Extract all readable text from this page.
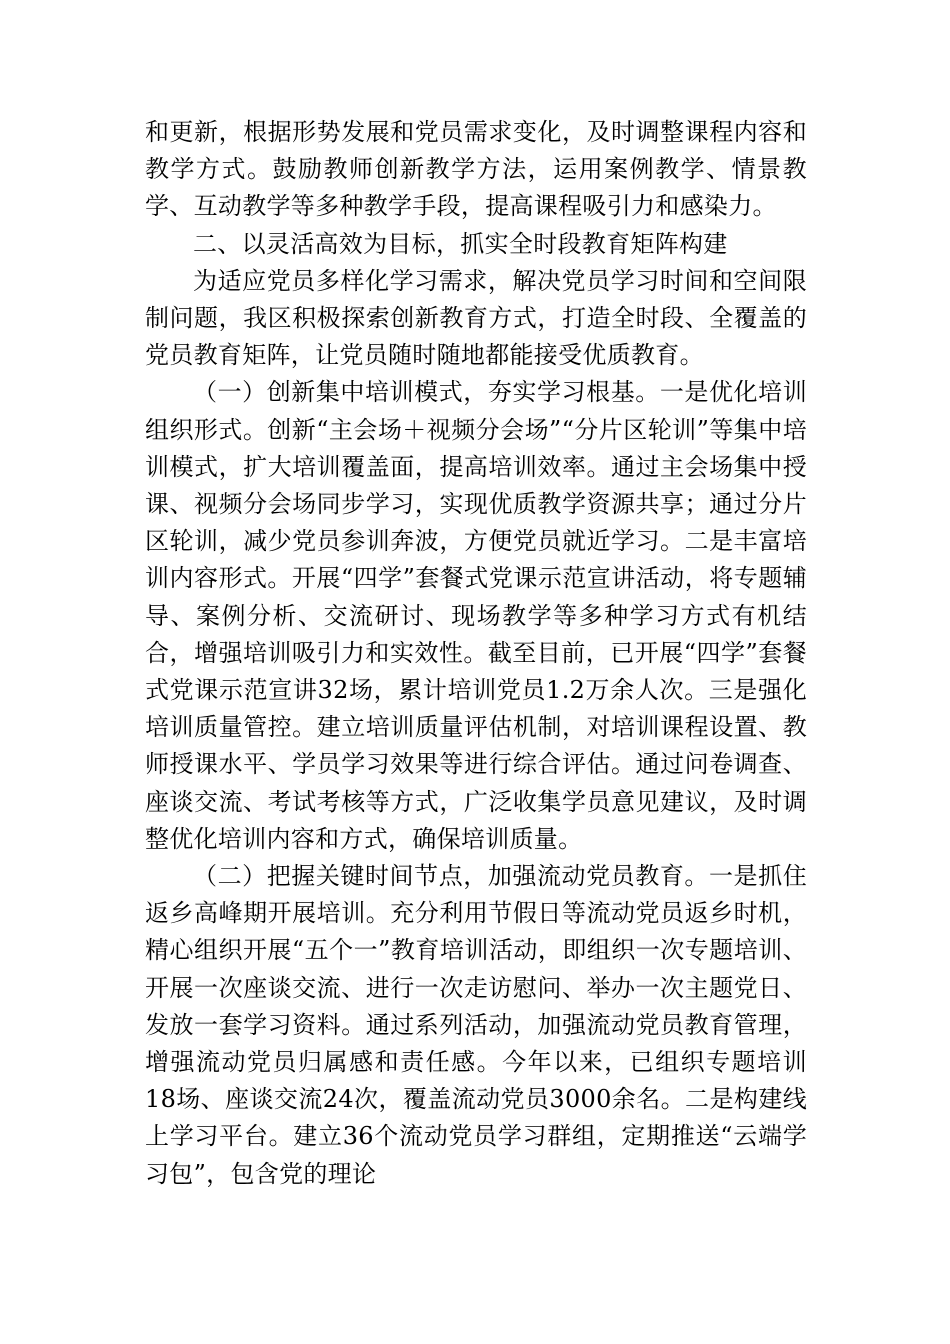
和更新，根据形势发展和党员需求变化，及时调整课程内容和教学方式。鼓励教师创新教学方法，运用案例教学、情景教学、互动教学等多种教学手段，提高课程吸引力和感染力。

二、以灵活高效为目标，抓实全时段教育矩阵构建

为适应党员多样化学习需求，解决党员学习时间和空间限制问题，我区积极探索创新教育方式，打造全时段、全覆盖的党员教育矩阵，让党员随时随地都能接受优质教育。

（一）创新集中培训模式，夯实学习根基。一是优化培训组织形式。创新“主会场＋视频分会场”“分片区轮训”等集中培训模式，扩大培训覆盖面，提高培训效率。通过主会场集中授课、视频分会场同步学习，实现优质教学资源共享；通过分片区轮训，减少党员参训奔波，方便党员就近学习。二是丰富培训内容形式。开展“四学”套餐式党课示范宣讲活动，将专题辅导、案例分析、交流研讨、现场教学等多种学习方式有机结合，增强培训吸引力和实效性。截至目前，已开展“四学”套餐式党课示范宣讲32场，累计培训党员1.2万余人次。三是强化培训质量管控。建立培训质量评估机制，对培训课程设置、教师授课水平、学员学习效果等进行综合评估。通过问卷调查、座谈交流、考试考核等方式，广泛收集学员意见建议，及时调整优化培训内容和方式，确保培训质量。

（二）把握关键时间节点，加强流动党员教育。一是抓住返乡高峰期开展培训。充分利用节假日等流动党员返乡时机，精心组织开展“五个一”教育培训活动，即组织一次专题培训、开展一次座谈交流、进行一次走访慰问、举办一次主题党日、发放一套学习资料。通过系列活动，加强流动党员教育管理，增强流动党员归属感和责任感。今年以来，已组织专题培训18场、座谈交流24次，覆盖流动党员3000余名。二是构建线上学习平台。建立36个流动党员学习群组，定期推送“云端学习包”，包含党的理论
